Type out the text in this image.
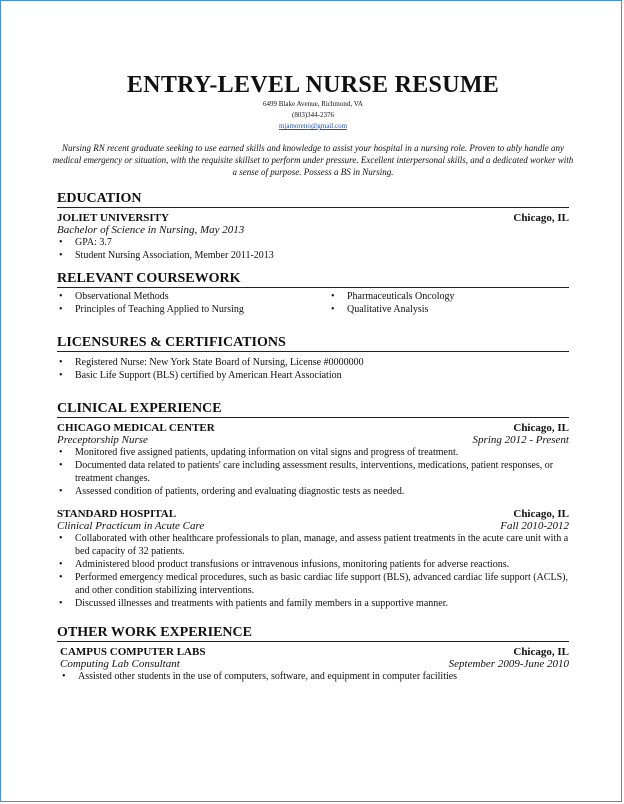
ENTRY-LEVEL NURSE RESUME
6499 Blake Avenue, Richmond, VA
(803)344-2376
mjamoreno@gmail.com

Nursing RN recent graduate seeking to use earned skills and knowledge to assist your hospital in a nursing role. Proven to ably handle any medical emergency or situation, with the requisite skillset to perform under pressure. Excellent interpersonal skills, and a dedicated worker with a sense of purpose. Possess a BS in Nursing.

EDUCATION
JOLIET UNIVERSITY	Chicago, IL
Bachelor of Science in Nursing, May 2013
• GPA: 3.7
• Student Nursing Association, Member 2011-2013
RELEVANT COURSEWORK
• Observational Methods
• Principles of Teaching Applied to Nursing
• Pharmaceuticals Oncology
• Qualitative Analysis
LICENSURES & CERTIFICATIONS
• Registered Nurse: New York State Board of Nursing, License #0000000
• Basic Life Support (BLS) certified by American Heart Association
CLINICAL EXPERIENCE
CHICAGO MEDICAL CENTER	Chicago, IL
Preceptorship Nurse	Spring 2012 - Present
• Monitored five assigned patients, updating information on vital signs and progress of treatment.
• Documented data related to patients' care including assessment results, interventions, medications, patient responses, or treatment changes.
• Assessed condition of patients, ordering and evaluating diagnostic tests as needed.
STANDARD HOSPITAL	Chicago, IL
Clinical Practicum in Acute Care	Fall 2010-2012
• Collaborated with other healthcare professionals to plan, manage, and assess patient treatments in the acute care unit with a bed capacity of 32 patients.
• Administered blood product transfusions or intravenous infusions, monitoring patients for adverse reactions.
• Performed emergency medical procedures, such as basic cardiac life support (BLS), advanced cardiac life support (ACLS), and other condition stabilizing interventions.
• Discussed illnesses and treatments with patients and family members in a supportive manner.
OTHER WORK EXPERIENCE
CAMPUS COMPUTER LABS	Chicago, IL
Computing Lab Consultant	September 2009-June 2010
• Assisted other students in the use of computers, software, and equipment in computer facilities
